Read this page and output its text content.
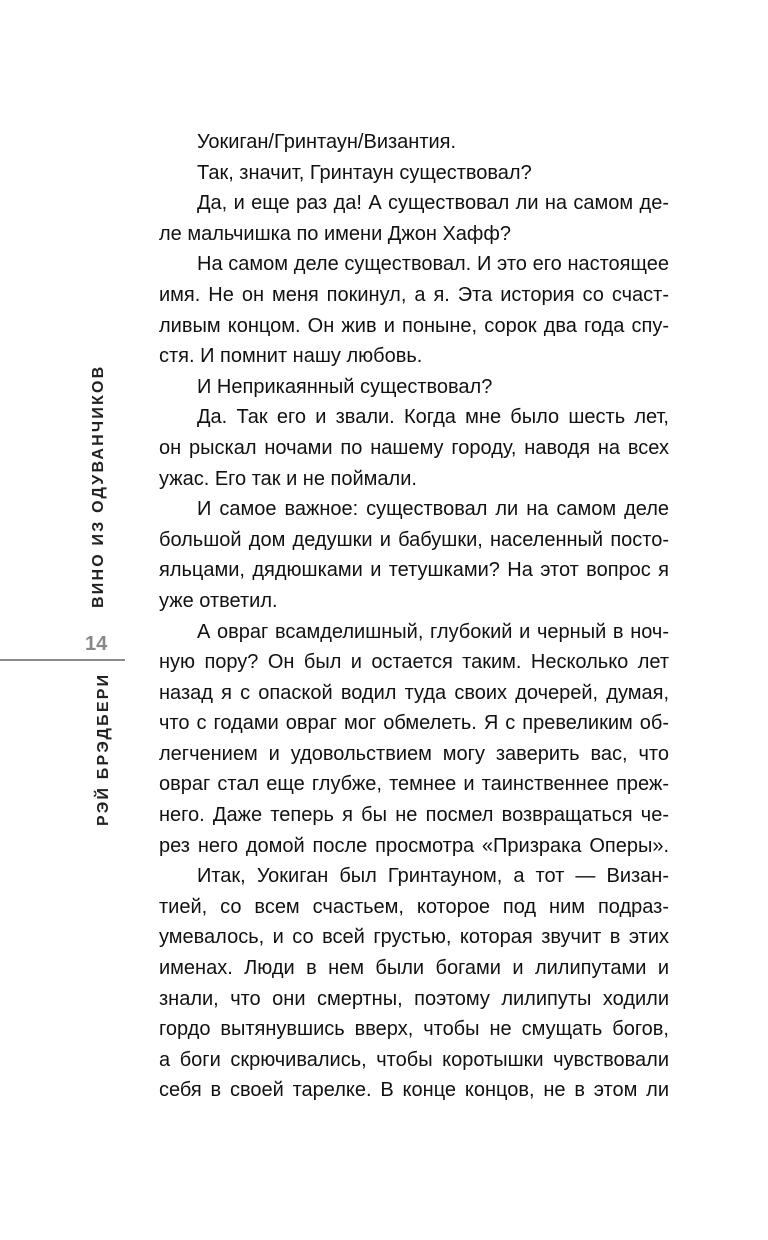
ВИНО ИЗ ОДУВАНЧИКОВ
РЭЙ БРЭДБЕРИ
14
Уокиган/Гринтаун/Византия.
Так, значит, Гринтаун существовал?
Да, и еще раз да! А существовал ли на самом де-
ле мальчишка по имени Джон Хафф?
На самом деле существовал. И это его настоящее
имя. Не он меня покинул, а я. Эта история со счаст-
ливым концом. Он жив и поныне, сорок два года спу-
стя. И помнит нашу любовь.
И Неприкаянный существовал?
Да. Так его и звали. Когда мне было шесть лет,
он рыскал ночами по нашему городу, наводя на всех
ужас. Его так и не поймали.
И самое важное: существовал ли на самом деле
большой дом дедушки и бабушки, населенный посто-
яльцами, дядюшками и тетушками? На этот вопрос я
уже ответил.
А овраг всамделишный, глубокий и черный в ноч-
ную пору? Он был и остается таким. Несколько лет
назад я с опаской водил туда своих дочерей, думая,
что с годами овраг мог обмелеть. Я с превеликим об-
легчением и удовольствием могу заверить вас, что
овраг стал еще глубже, темнее и таинственнее преж-
него. Даже теперь я бы не посмел возвращаться че-
рез него домой после просмотра «Призрака Оперы».
Итак, Уокиган был Гринтауном, а тот — Визан-
тией, со всем счастьем, которое под ним подраз-
умевалось, и со всей грустью, которая звучит в этих
именах. Люди в нем были богами и лилипутами и
знали, что они смертны, поэтому лилипуты ходили
гордо вытянувшись вверх, чтобы не смущать богов,
а боги скрючивались, чтобы коротышки чувствовали
себя в своей тарелке. В конце концов, не в этом ли
